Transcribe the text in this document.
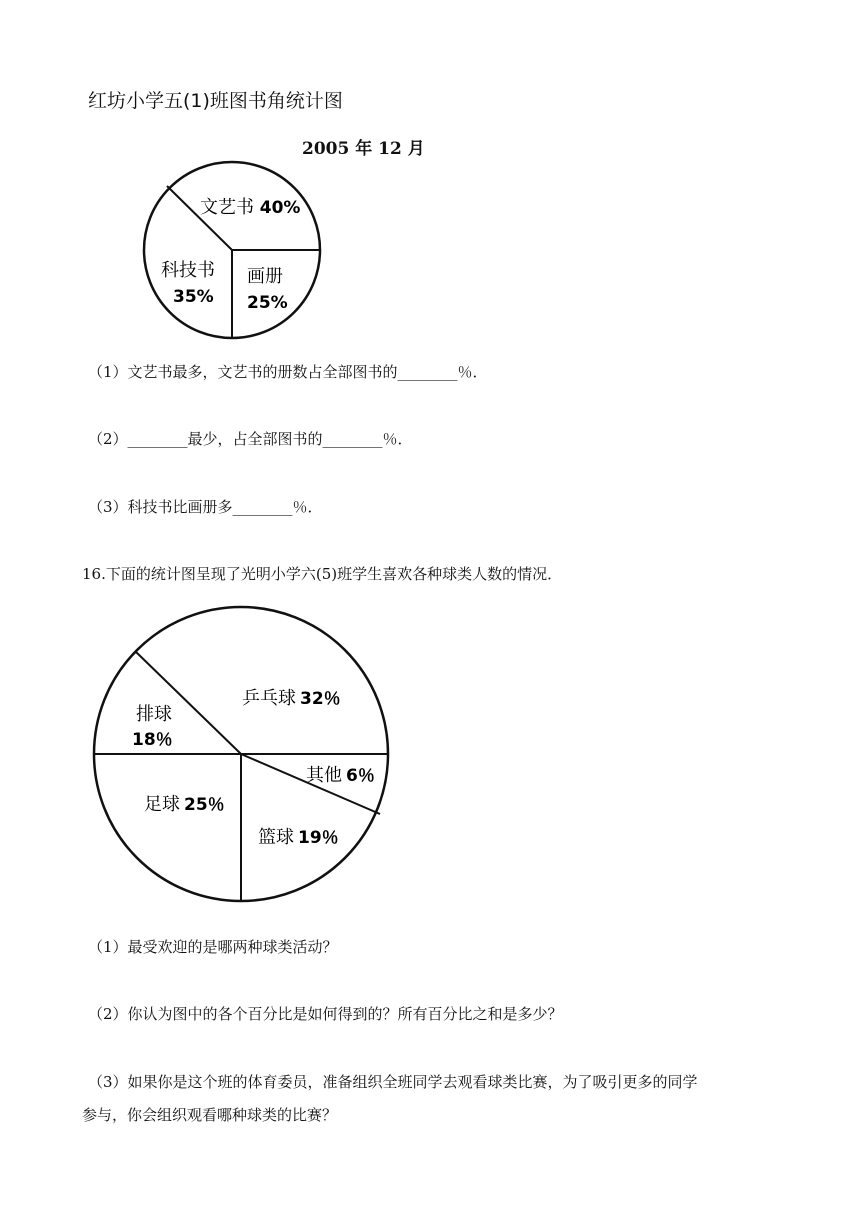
红坊小学五(1)班图书角统计图
2005 年 12 月
文艺书 40%
科技书
35%
画册
25%
（1）文艺书最多，文艺书的册数占全部图书的________％．
（2）________最少，占全部图书的________％．
（3）科技书比画册多________％．
16.下面的统计图呈现了光明小学六(5)班学生喜欢各种球类人数的情况．
乒乓球 32％
其他 6％
篮球 19％
足球 25％
排球
18％
（1）最受欢迎的是哪两种球类活动？
（2）你认为图中的各个百分比是如何得到的？所有百分比之和是多少？
（3）如果你是这个班的体育委员，准备组织全班同学去观看球类比赛，为了吸引更多的同学
参与，你会组织观看哪种球类的比赛？
